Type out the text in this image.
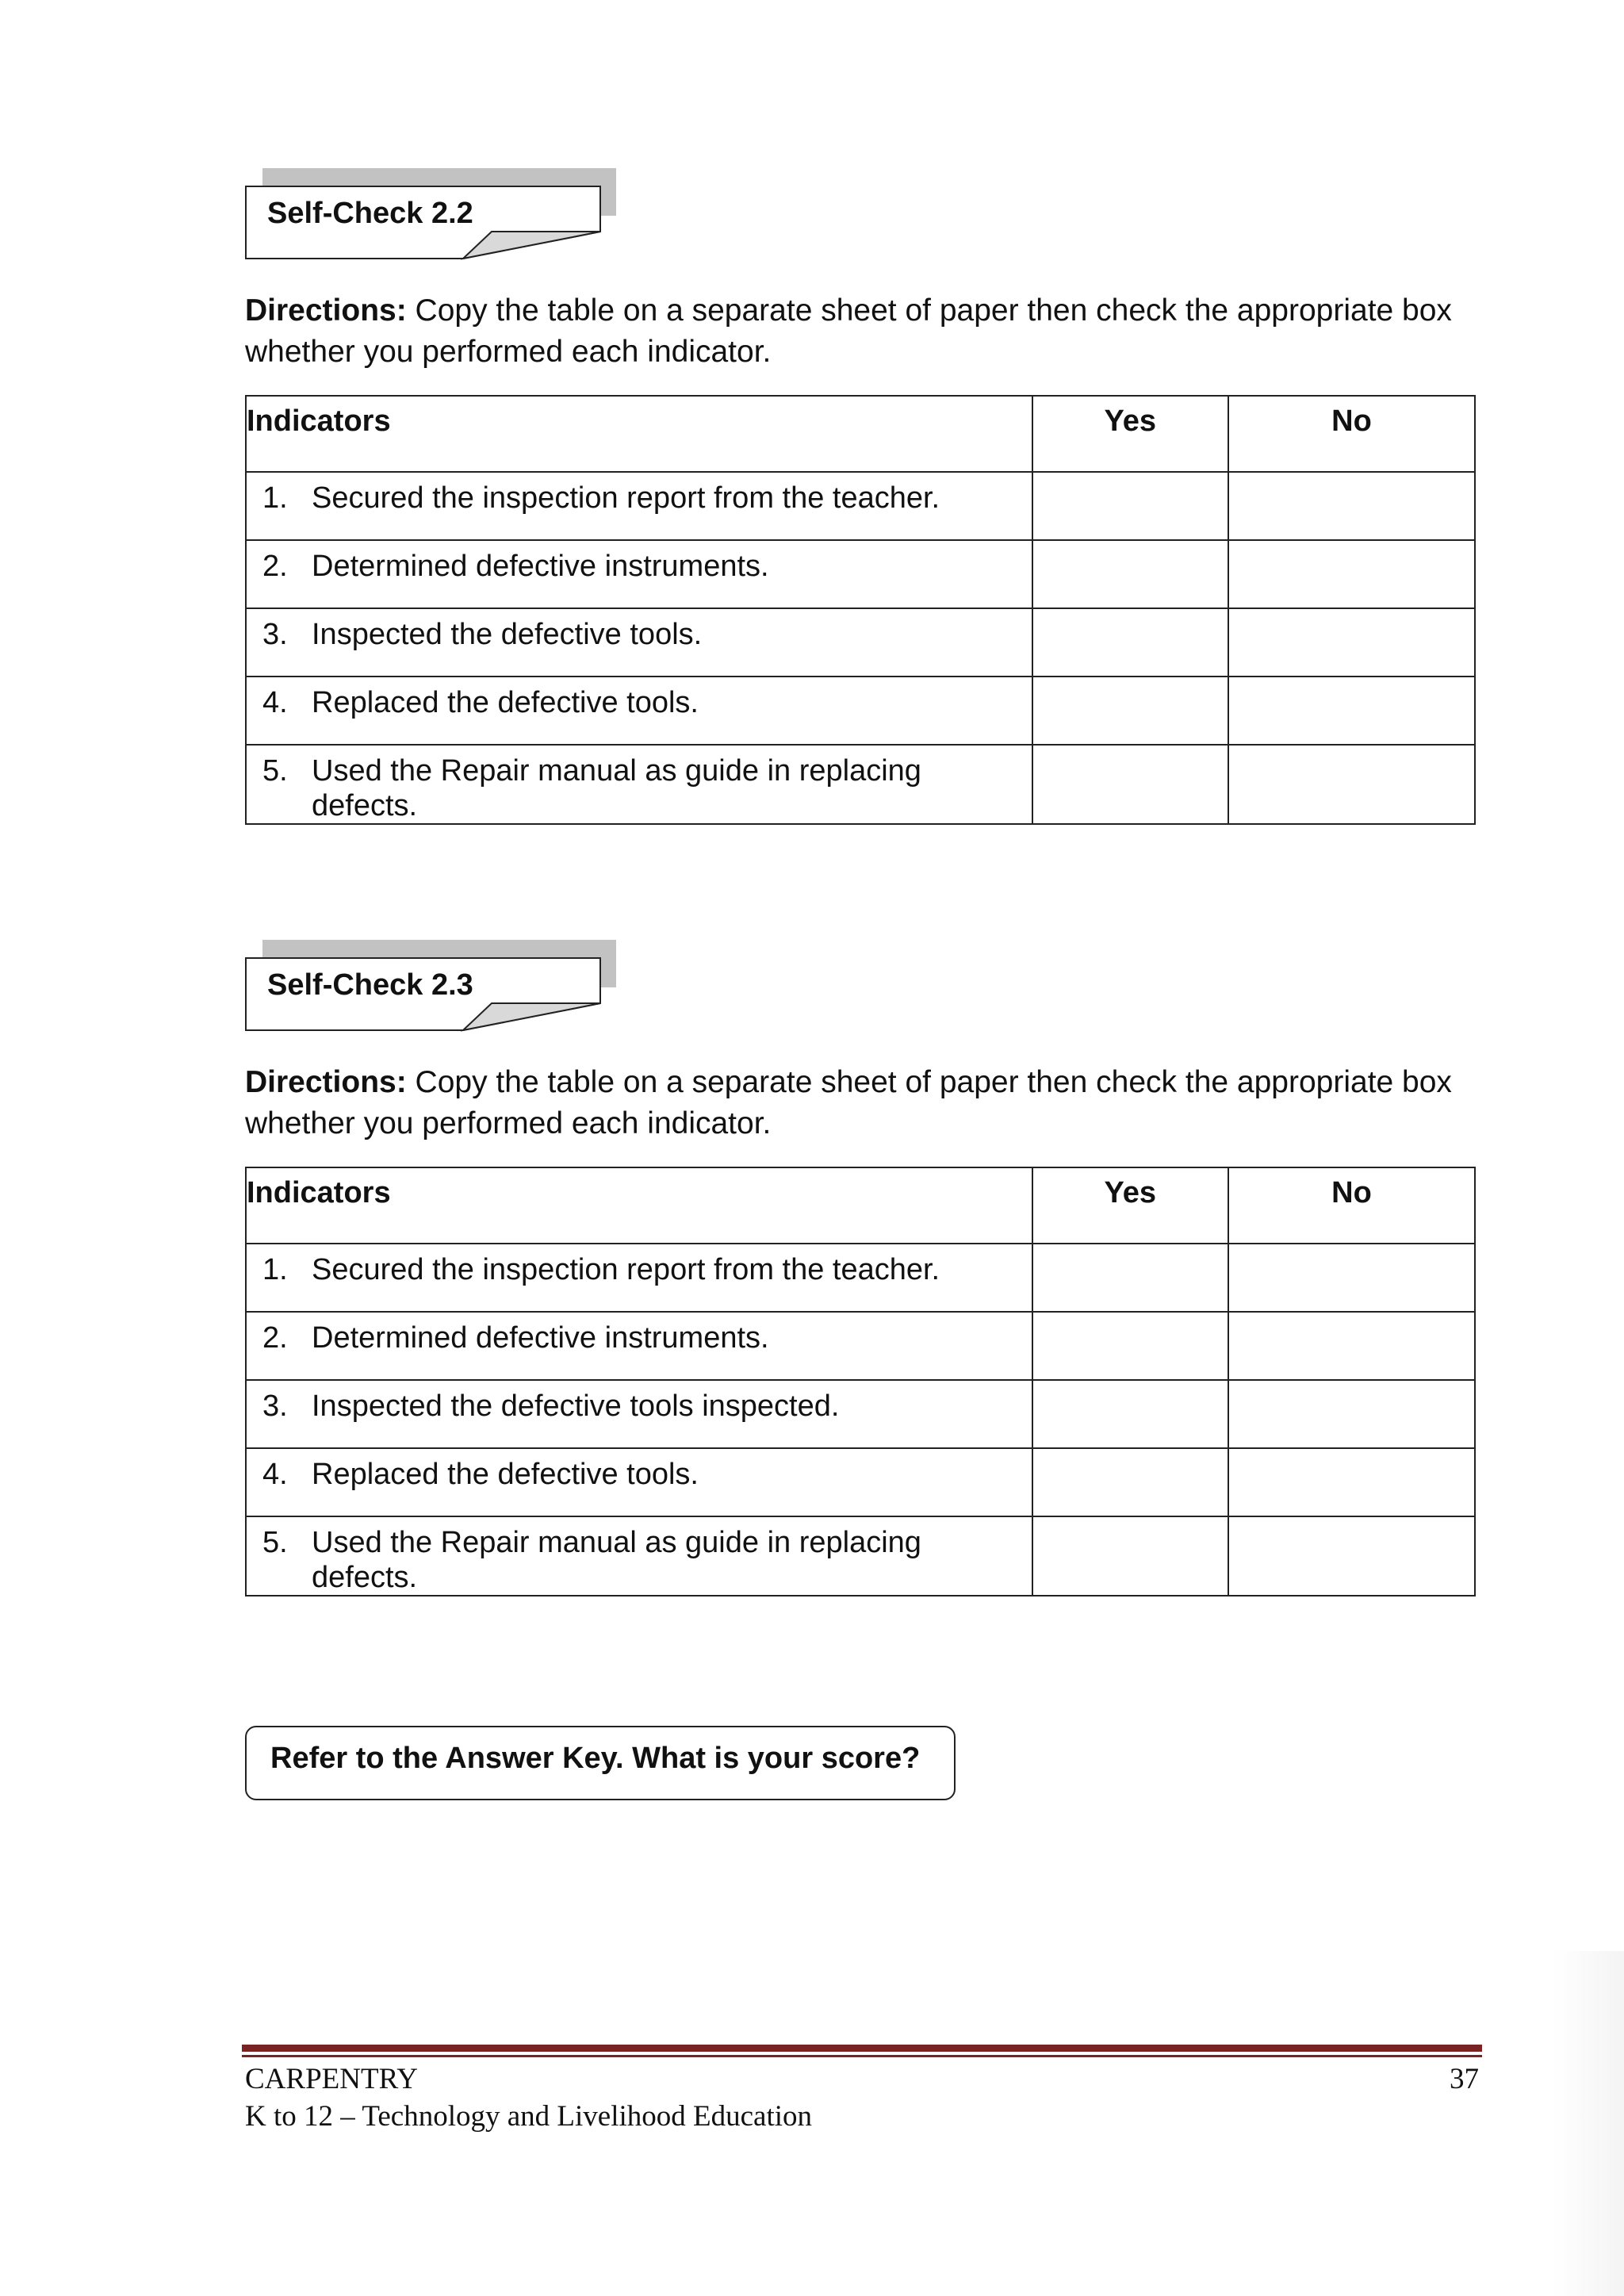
Self-Check 2.2
Directions: Copy the table on a separate sheet of paper then check the appropriate box whether you performed each indicator.
Indicators	Yes	No

1. Secured the inspection report from the teacher.		

2. Determined defective instruments.		

3. Inspected the defective tools.		

4. Replaced the defective tools.		

5. Used the Repair manual as guide in replacing defects.		

Self-Check 2.3
Directions: Copy the table on a separate sheet of paper then check the appropriate box whether you performed each indicator.
Indicators	Yes	No

1. Secured the inspection report from the teacher.		

2. Determined defective instruments.		

3. Inspected the defective tools inspected.		

4. Replaced the defective tools.		

5. Used the Repair manual as guide in replacing defects.		

Refer to the Answer Key. What is your score?
CARPENTRY
K to 12 – Technology and Livelihood Education
37
